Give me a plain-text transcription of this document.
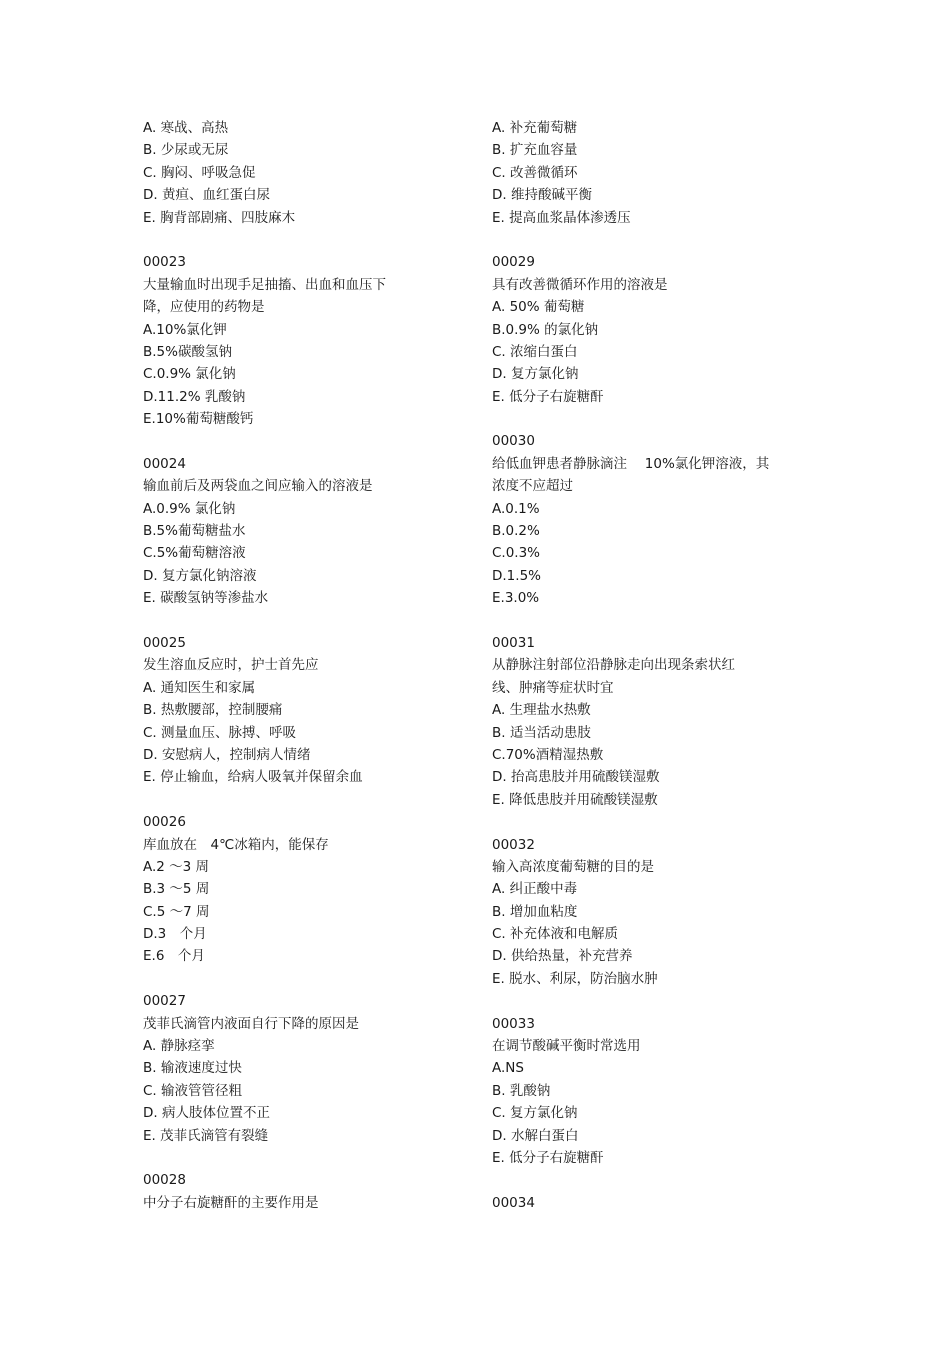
A. 寒战、高热
B. 少尿或无尿
C. 胸闷、呼吸急促
D. 黄疸、血红蛋白尿
E. 胸背部剧痛、四肢麻木
00023
大量输血时出现手足抽搐、出血和血压下
降，应使用的药物是
A.10%氯化钾
B.5%碳酸氢钠
C.0.9% 氯化钠
D.11.2% 乳酸钠
E.10%葡萄糖酸钙
00024
输血前后及两袋血之间应输入的溶液是
A.0.9% 氯化钠
B.5%葡萄糖盐水
C.5%葡萄糖溶液
D. 复方氯化钠溶液
E. 碳酸氢钠等渗盐水
00025
发生溶血反应时，护士首先应
A. 通知医生和家属
B. 热敷腰部，控制腰痛
C. 测量血压、脉搏、呼吸
D. 安慰病人，控制病人情绪
E. 停止输血，给病人吸氧并保留余血
00026
库血放在　4℃冰箱内，能保存
A.2 ～3 周
B.3 ～5 周
C.5 ～7 周
D.3　个月
E.6　个月
00027
茂菲氏滴管内液面自行下降的原因是
A. 静脉痉挛
B. 输液速度过快
C. 输液管管径粗
D. 病人肢体位置不正
E. 茂菲氏滴管有裂缝
00028
中分子右旋糖酐的主要作用是
A. 补充葡萄糖
B. 扩充血容量
C. 改善微循环
D. 维持酸碱平衡
E. 提高血浆晶体渗透压
00029
具有改善微循环作用的溶液是
A. 50% 葡萄糖
B.0.9% 的氯化钠
C. 浓缩白蛋白
D. 复方氯化钠
E. 低分子右旋糖酐
00030
给低血钾患者静脉滴注　 10%氯化钾溶液，其
浓度不应超过
A.0.1%
B.0.2%
C.0.3%
D.1.5%
E.3.0%
00031
从静脉注射部位沿静脉走向出现条索状红
线、肿痛等症状时宜
A. 生理盐水热敷
B. 适当活动患肢
C.70%酒精湿热敷
D. 抬高患肢并用硫酸镁湿敷
E. 降低患肢并用硫酸镁湿敷
00032
输入高浓度葡萄糖的目的是
A. 纠正酸中毒
B. 增加血粘度
C. 补充体液和电解质
D. 供给热量，补充营养
E. 脱水、利尿，防治脑水肿
00033
在调节酸碱平衡时常选用
A.NS
B. 乳酸钠
C. 复方氯化钠
D. 水解白蛋白
E. 低分子右旋糖酐
00034
